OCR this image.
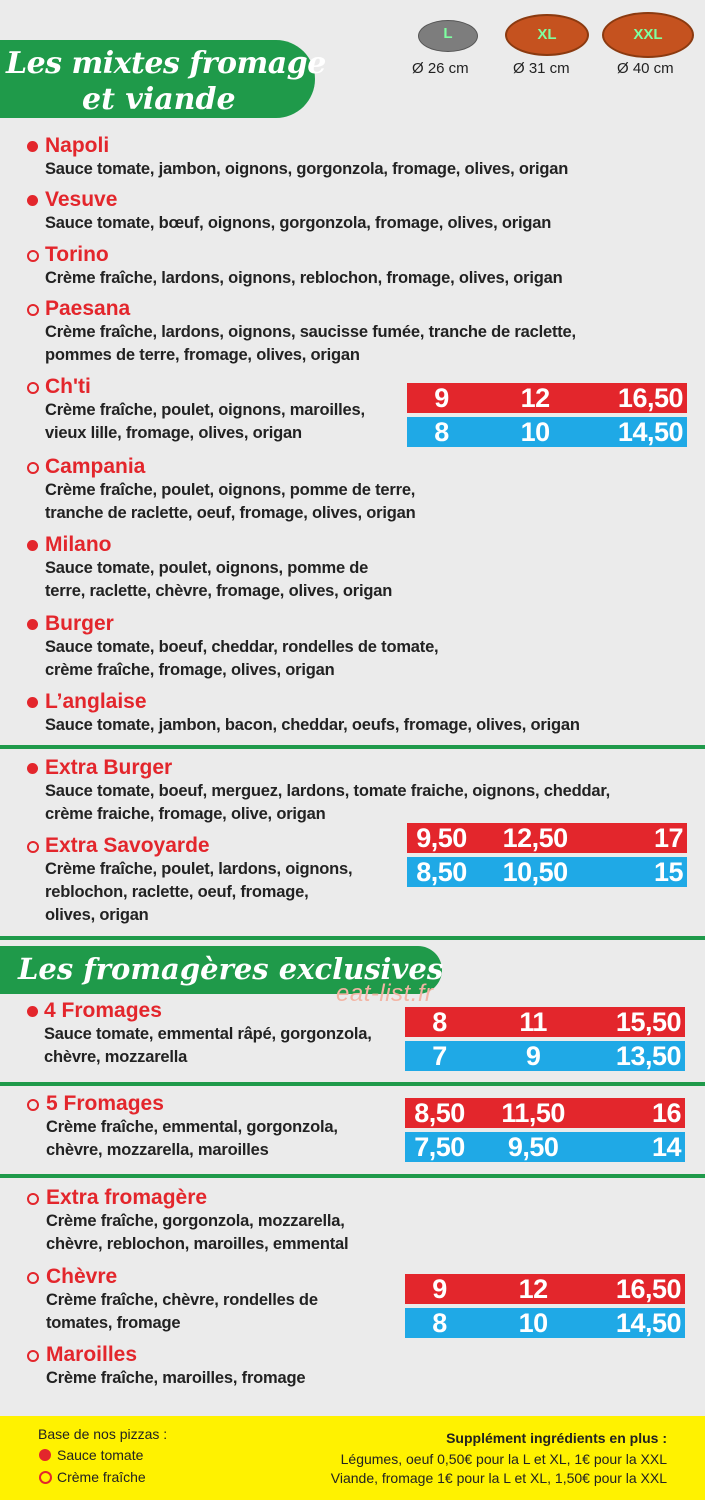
Les mixtes fromage
et viande
L	XL	XXL
Ø 26 cm	Ø 31 cm	Ø 40 cm
Napoli
Sauce tomate, jambon, oignons, gorgonzola, fromage, olives, origan
Vesuve
Sauce tomate, bœuf, oignons, gorgonzola, fromage, olives, origan
Torino
Crème fraîche, lardons, oignons, reblochon, fromage, olives, origan
Paesana
Crème fraîche, lardons, oignons, saucisse fumée, tranche de raclette,
pommes de terre, fromage, olives, origan
Ch'ti
Crème fraîche, poulet, oignons, maroilles,
vieux lille, fromage, olives, origan
Campania
Crème fraîche, poulet, oignons, pomme de terre,
tranche de raclette, oeuf, fromage, olives, origan
Milano
Sauce tomate, poulet, oignons, pomme de
terre, raclette, chèvre, fromage, olives, origan
Burger
Sauce tomate, boeuf, cheddar, rondelles de tomate,
crème fraîche, fromage, olives, origan
L’anglaise
Sauce tomate, jambon, bacon, cheddar, oeufs, fromage, olives, origan
9	12	16,50
8	10	14,50
Extra Burger
Sauce tomate, boeuf, merguez, lardons, tomate fraiche, oignons, cheddar,
crème fraiche, fromage, olive, origan
Extra Savoyarde
Crème fraîche, poulet, lardons, oignons,
reblochon, raclette, oeuf, fromage,
olives, origan
9,50	12,50	17
8,50	10,50	15
Les fromagères exclusives
eat-list.fr
4 Fromages
Sauce tomate, emmental râpé, gorgonzola,
chèvre, mozzarella
8	11	15,50
7	9	13,50
5 Fromages
Crème fraîche, emmental, gorgonzola,
chèvre, mozzarella, maroilles
8,50	11,50	16
7,50	9,50	14
Extra fromagère
Crème fraîche, gorgonzola, mozzarella,
chèvre, reblochon, maroilles, emmental
Chèvre
Crème fraîche, chèvre, rondelles de
tomates, fromage
Maroilles
Crème fraîche, maroilles, fromage
9	12	16,50
8	10	14,50
Base de nos pizzas :
Sauce tomate
Crème fraîche
Supplément ingrédients en plus :
Légumes, oeuf 0,50€ pour la L et XL, 1€ pour la XXL
Viande, fromage 1€ pour la L et XL, 1,50€ pour la XXL
